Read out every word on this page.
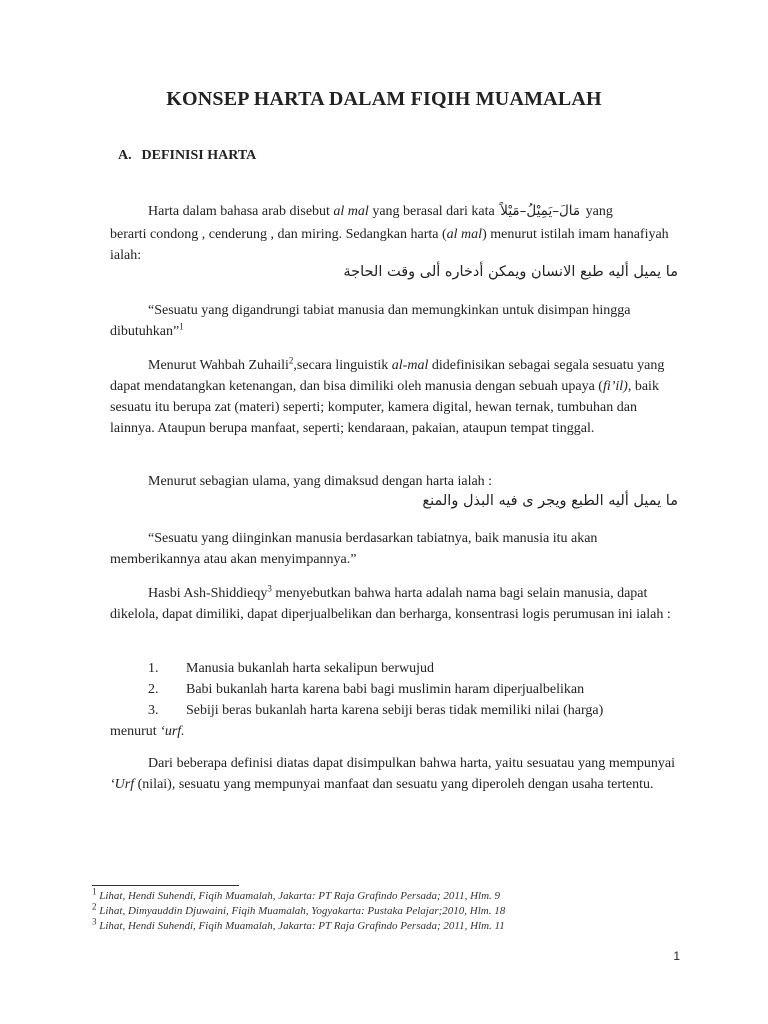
KONSEP HARTA DALAM FIQIH MUAMALAH
A. DEFINISI HARTA
Harta dalam bahasa arab disebut al mal yang berasal dari kata مَالَ–يَمِيْلُ–مَيْلاً yang
berarti condong , cenderung , dan miring. Sedangkan harta (al mal) menurut istilah imam hanafiyah ialah:
ما يميل أليه طبع الانسان ويمكن أدخاره ألى وقت الحاجة
“Sesuatu yang digandrungi tabiat manusia dan memungkinkan untuk disimpan hingga dibutuhkan”$^1$
Menurut Wahbah Zuhaili$^2$,secara linguistik al-mal didefinisikan sebagai segala sesuatu yang dapat mendatangkan ketenangan, dan bisa dimiliki oleh manusia dengan sebuah upaya (fi’il), baik sesuatu itu berupa zat (materi) seperti; komputer, kamera digital, hewan ternak, tumbuhan dan lainnya. Ataupun berupa manfaat, seperti; kendaraan, pakaian, ataupun tempat tinggal.
Menurut sebagian ulama, yang dimaksud dengan harta ialah :
ما يميل أليه الطبع ويجر ى فيه البذل والمنع
“Sesuatu yang diinginkan manusia berdasarkan tabiatnya, baik manusia itu akan memberikannya atau akan menyimpannya.”
Hasbi Ash-Shiddieqy$^3$ menyebutkan bahwa harta adalah nama bagi selain manusia, dapat dikelola, dapat dimiliki, dapat diperjualbelikan dan berharga, konsentrasi logis perumusan ini ialah :
1. Manusia bukanlah harta sekalipun berwujud
2. Babi bukanlah harta karena babi bagi muslimin haram diperjualbelikan
3. Sebiji beras bukanlah harta karena sebiji beras tidak memiliki nilai (harga)
menurut ‘urf.
Dari beberapa definisi diatas dapat disimpulkan bahwa harta, yaitu sesuatau yang mempunyai ‘Urf (nilai), sesuatu yang mempunyai manfaat dan sesuatu yang diperoleh dengan usaha tertentu.
$^1$ Lihat, Hendi Suhendi, Fiqih Muamalah, Jakarta: PT Raja Grafindo Persada; 2011, Hlm. 9
$^2$ Lihat, Dimyauddin Djuwaini, Fiqih Muamalah, Yogyakarta: Pustaka Pelajar;2010, Hlm. 18
$^3$ Lihat, Hendi Suhendi, Fiqih Muamalah, Jakarta: PT Raja Grafindo Persada; 2011, Hlm. 11
1
